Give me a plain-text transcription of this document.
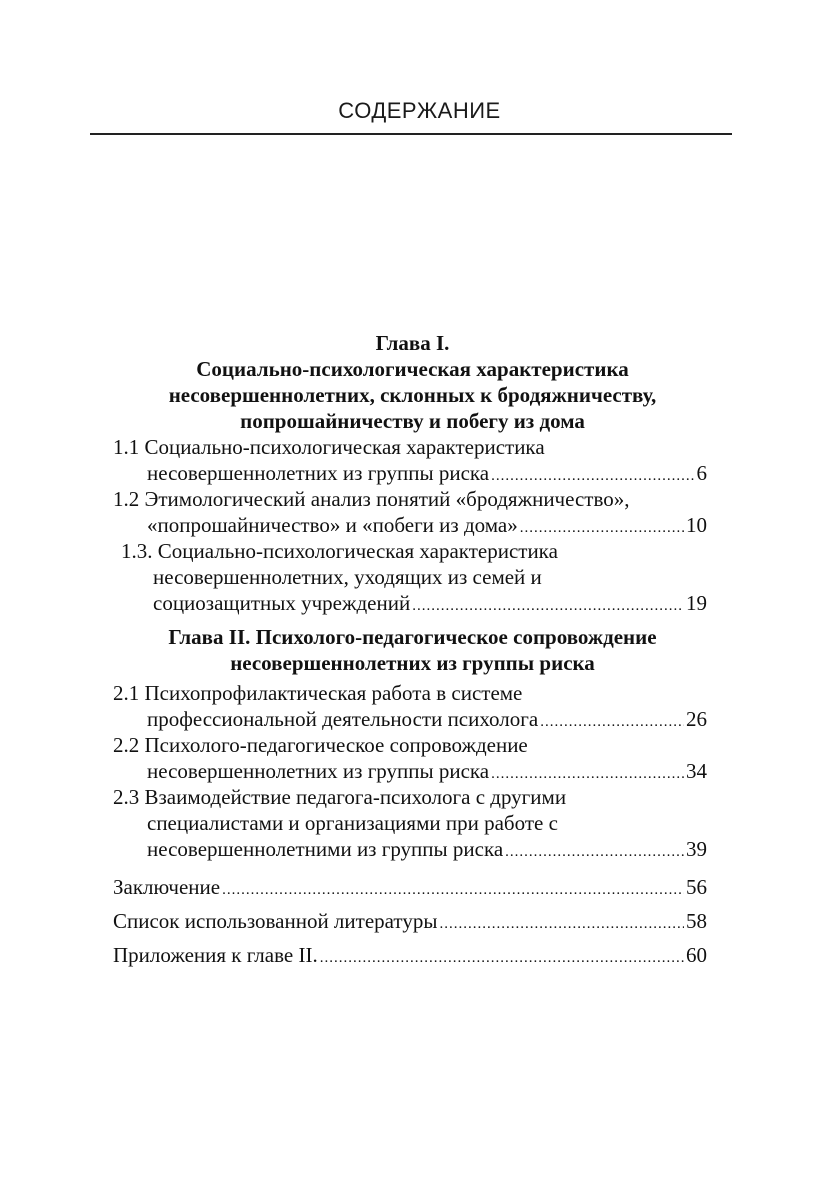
СОДЕРЖАНИЕ
Глава I.
Социально-психологическая характеристика
несовершеннолетних, склонных к бродяжничеству,
попрошайничеству и побегу из дома
1.1 Социально-психологическая характеристика
несовершеннолетних из группы риска .....	6
1.2 Этимологический анализ понятий «бродяжничество»,
«попрошайничество» и «побеги из дома» .....	10
1.3. Социально-психологическая характеристика
несовершеннолетних, уходящих из семей и
социозащитных учреждений .....	19
Глава II. Психолого-педагогическое сопровождение
несовершеннолетних из группы риска
2.1 Психопрофилактическая работа в системе
профессиональной деятельности психолога .....	26
2.2 Психолого-педагогическое сопровождение
несовершеннолетних из группы риска .....	34
2.3 Взаимодействие педагога-психолога с другими
специалистами и организациями при работе с
несовершеннолетними из группы риска .....	39
Заключение .....	56
Список использованной литературы .....	58
Приложения к главе II. .....	60
